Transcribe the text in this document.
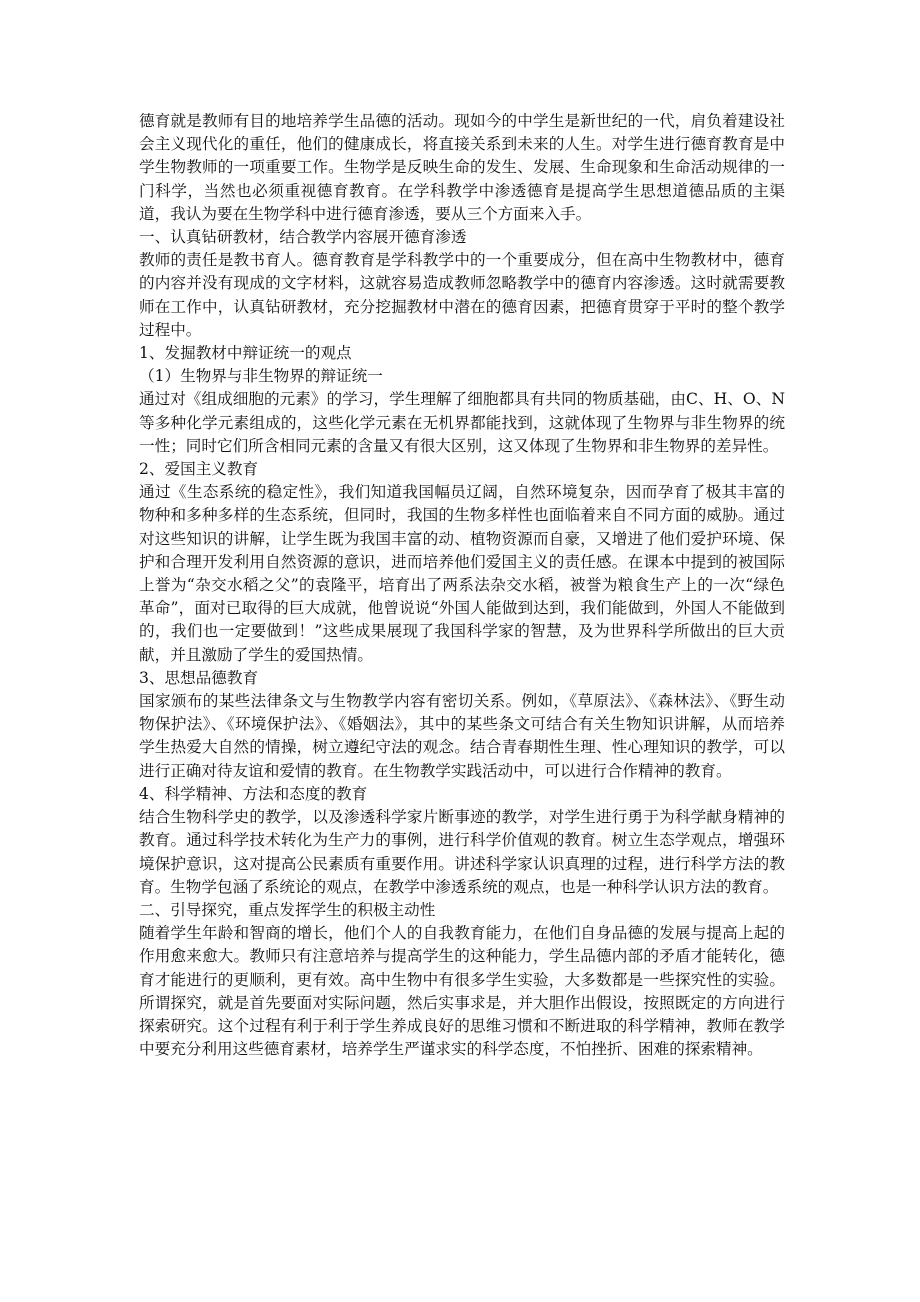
德育就是教师有目的地培养学生品德的活动。现如今的中学生是新世纪的一代，肩负着建设社会主义现代化的重任，他们的健康成长，将直接关系到未来的人生。对学生进行德育教育是中学生物教师的一项重要工作。生物学是反映生命的发生、发展、生命现象和生命活动规律的一门科学，当然也必须重视德育教育。在学科教学中渗透德育是提高学生思想道德品质的主渠道，我认为要在生物学科中进行德育渗透，要从三个方面来入手。

一、认真钻研教材，结合教学内容展开德育渗透

教师的责任是教书育人。德育教育是学科教学中的一个重要成分，但在高中生物教材中，德育的内容并没有现成的文字材料，这就容易造成教师忽略教学中的德育内容渗透。这时就需要教师在工作中，认真钻研教材，充分挖掘教材中潜在的德育因素，把德育贯穿于平时的整个教学过程中。

1、发掘教材中辩证统一的观点

（1）生物界与非生物界的辩证统一

通过对《组成细胞的元素》的学习，学生理解了细胞都具有共同的物质基础，由C、H、O、N等多种化学元素组成的，这些化学元素在无机界都能找到，这就体现了生物界与非生物界的统一性；同时它们所含相同元素的含量又有很大区别，这又体现了生物界和非生物界的差异性。

2、爱国主义教育

通过《生态系统的稳定性》，我们知道我国幅员辽阔，自然环境复杂，因而孕育了极其丰富的物种和多种多样的生态系统，但同时，我国的生物多样性也面临着来自不同方面的威胁。通过对这些知识的讲解，让学生既为我国丰富的动、植物资源而自豪，又增进了他们爱护环境、保护和合理开发利用自然资源的意识，进而培养他们爱国主义的责任感。在课本中提到的被国际上誉为“杂交水稻之父”的袁隆平，培育出了两系法杂交水稻，被誉为粮食生产上的一次“绿色革命”，面对已取得的巨大成就，他曾说说“外国人能做到达到，我们能做到，外国人不能做到的，我们也一定要做到！”这些成果展现了我国科学家的智慧，及为世界科学所做出的巨大贡献，并且激励了学生的爱国热情。

3、思想品德教育

国家颁布的某些法律条文与生物教学内容有密切关系。例如，《草原法》、《森林法》、《野生动物保护法》、《环境保护法》、《婚姻法》，其中的某些条文可结合有关生物知识讲解，从而培养学生热爱大自然的情操，树立遵纪守法的观念。结合青春期性生理、性心理知识的教学，可以进行正确对待友谊和爱情的教育。在生物教学实践活动中，可以进行合作精神的教育。

4、科学精神、方法和态度的教育

结合生物科学史的教学，以及渗透科学家片断事迹的教学，对学生进行勇于为科学献身精神的教育。通过科学技术转化为生产力的事例，进行科学价值观的教育。树立生态学观点，增强环境保护意识，这对提高公民素质有重要作用。讲述科学家认识真理的过程，进行科学方法的教育。生物学包涵了系统论的观点，在教学中渗透系统的观点，也是一种科学认识方法的教育。

二、引导探究，重点发挥学生的积极主动性

随着学生年龄和智商的增长，他们个人的自我教育能力，在他们自身品德的发展与提高上起的作用愈来愈大。教师只有注意培养与提高学生的这种能力，学生品德内部的矛盾才能转化，德育才能进行的更顺利，更有效。高中生物中有很多学生实验，大多数都是一些探究性的实验。所谓探究，就是首先要面对实际问题，然后实事求是，并大胆作出假设，按照既定的方向进行探索研究。这个过程有利于利于学生养成良好的思维习惯和不断进取的科学精神，教师在教学中要充分利用这些德育素材，培养学生严谨求实的科学态度，不怕挫折、困难的探索精神。
